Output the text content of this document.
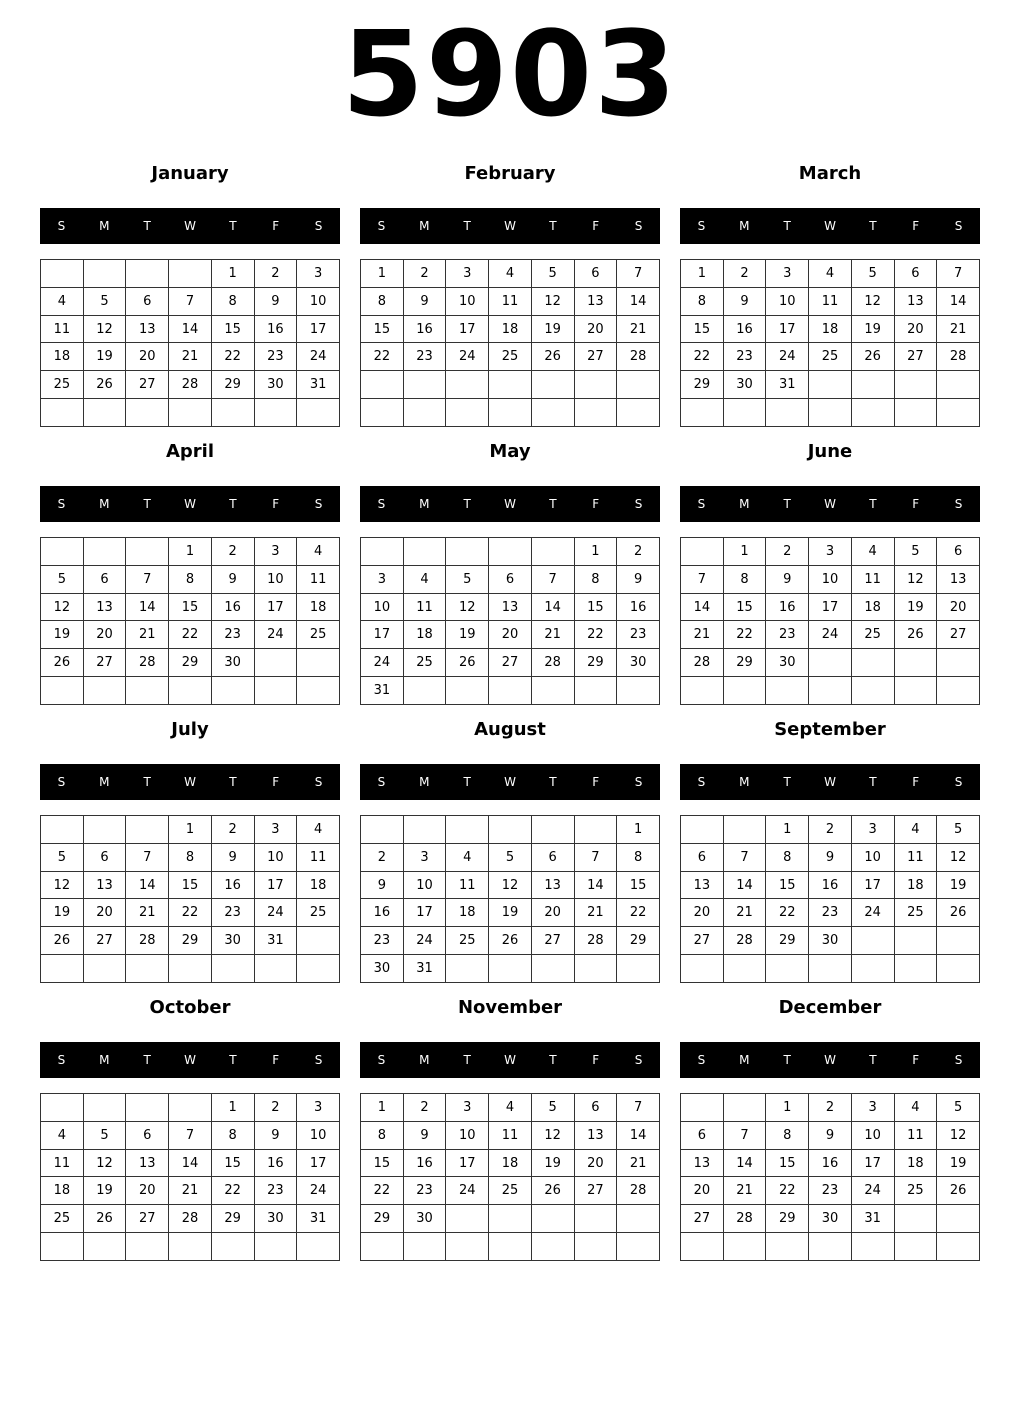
5903
January
S	M	T	W	T	F	S
				1	2	3
4	5	6	7	8	9	10
11	12	13	14	15	16	17
18	19	20	21	22	23	24
25	26	27	28	29	30	31

February
S	M	T	W	T	F	S
1	2	3	4	5	6	7
8	9	10	11	12	13	14
15	16	17	18	19	20	21
22	23	24	25	26	27	28

March
S	M	T	W	T	F	S
1	2	3	4	5	6	7
8	9	10	11	12	13	14
15	16	17	18	19	20	21
22	23	24	25	26	27	28
29	30	31				

April
S	M	T	W	T	F	S
			1	2	3	4
5	6	7	8	9	10	11
12	13	14	15	16	17	18
19	20	21	22	23	24	25
26	27	28	29	30		

May
S	M	T	W	T	F	S
					1	2
3	4	5	6	7	8	9
10	11	12	13	14	15	16
17	18	19	20	21	22	23
24	25	26	27	28	29	30
31						
June
S	M	T	W	T	F	S
	1	2	3	4	5	6
7	8	9	10	11	12	13
14	15	16	17	18	19	20
21	22	23	24	25	26	27
28	29	30				

July
S	M	T	W	T	F	S
			1	2	3	4
5	6	7	8	9	10	11
12	13	14	15	16	17	18
19	20	21	22	23	24	25
26	27	28	29	30	31	

August
S	M	T	W	T	F	S
						1
2	3	4	5	6	7	8
9	10	11	12	13	14	15
16	17	18	19	20	21	22
23	24	25	26	27	28	29
30	31					
September
S	M	T	W	T	F	S
		1	2	3	4	5
6	7	8	9	10	11	12
13	14	15	16	17	18	19
20	21	22	23	24	25	26
27	28	29	30			

October
S	M	T	W	T	F	S
				1	2	3
4	5	6	7	8	9	10
11	12	13	14	15	16	17
18	19	20	21	22	23	24
25	26	27	28	29	30	31

November
S	M	T	W	T	F	S
1	2	3	4	5	6	7
8	9	10	11	12	13	14
15	16	17	18	19	20	21
22	23	24	25	26	27	28
29	30					

December
S	M	T	W	T	F	S
		1	2	3	4	5
6	7	8	9	10	11	12
13	14	15	16	17	18	19
20	21	22	23	24	25	26
27	28	29	30	31		
